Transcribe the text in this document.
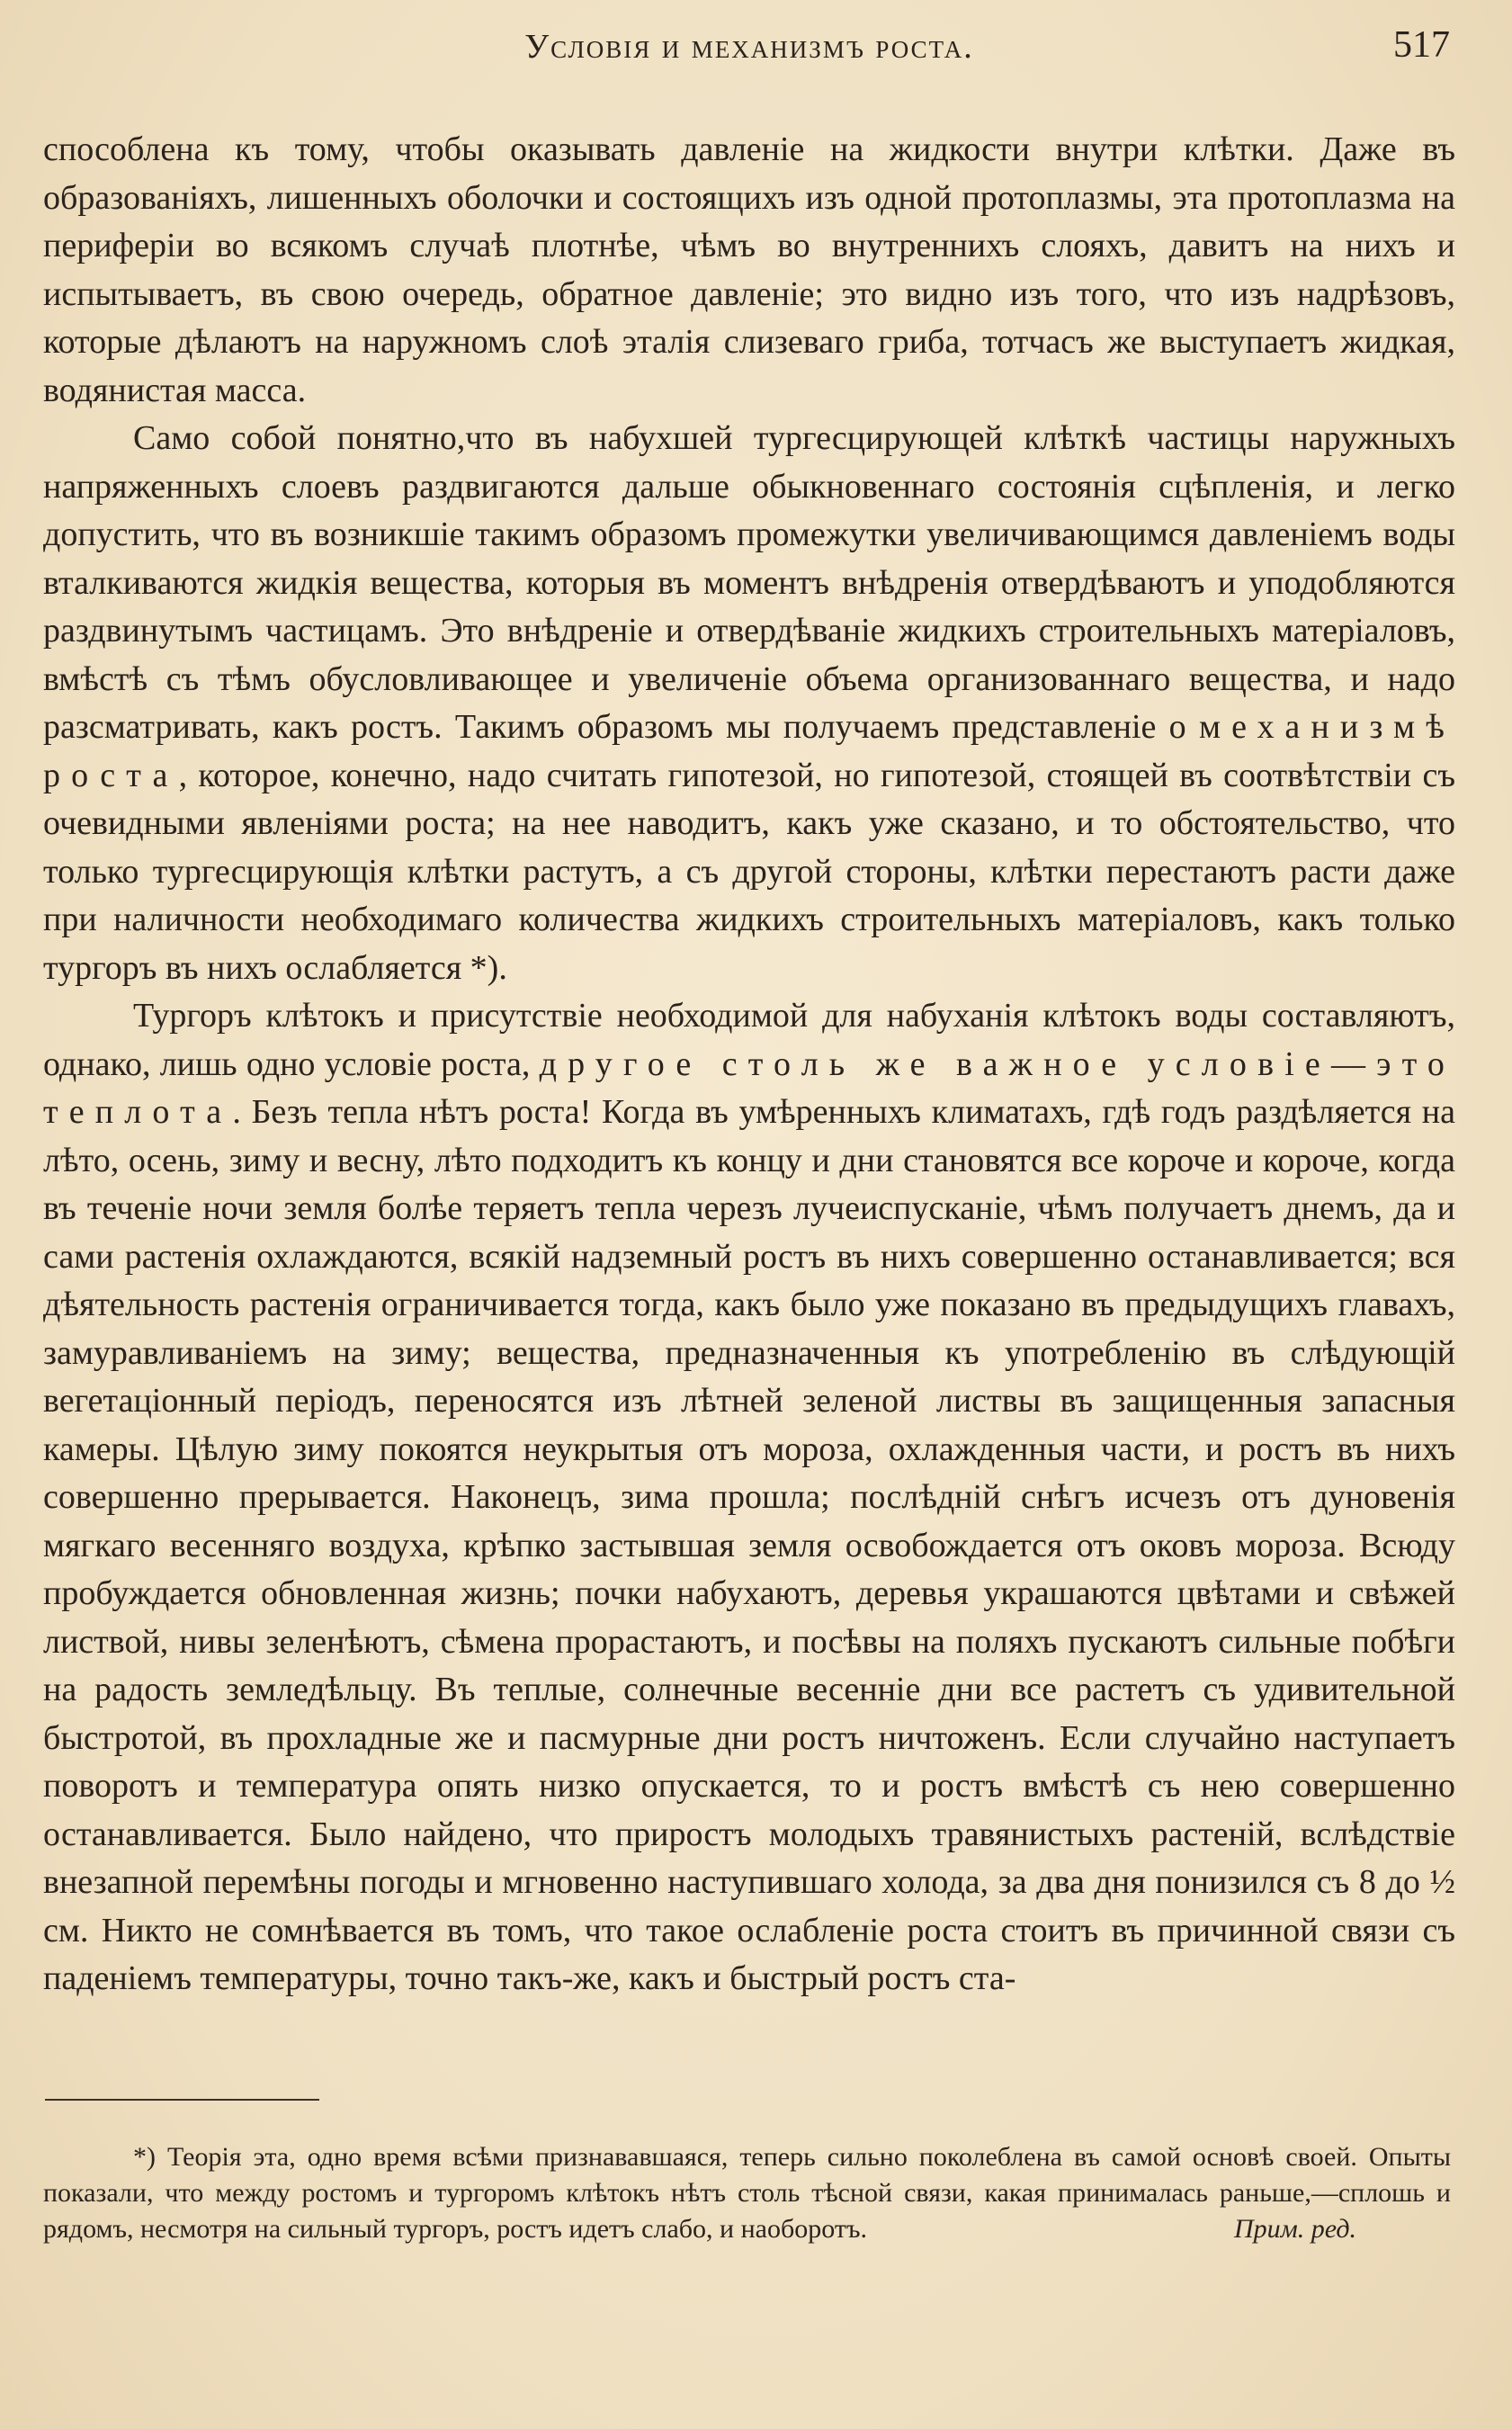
Условія и механизмъ роста.	517

способлена къ тому, чтобы оказывать давленіе на жидкости внутри клѣтки. Даже въ образованіяхъ, лишенныхъ оболочки и состоящихъ изъ одной протоплазмы, эта протоплазма на периферіи во всякомъ случаѣ плотнѣе, чѣмъ во внутреннихъ слояхъ, давитъ на нихъ и испытываетъ, въ свою очередь, обратное давленіе; это видно изъ того, что изъ надрѣзовъ, которые дѣлаютъ на наружномъ слоѣ эталія слизеваго гриба, тотчасъ же выступаетъ жидкая, водянистая масса.

Само собой понятно,что въ набухшей тургесцирующей клѣткѣ частицы наружныхъ напряженныхъ слоевъ раздвигаются дальше обыкновеннаго состоянія сцѣпленія, и легко допустить, что въ возникшіе такимъ образомъ промежутки увеличивающимся давленіемъ воды вталкиваются жидкія вещества, которыя въ моментъ внѣдренія отвердѣваютъ и уподобляются раздвинутымъ частицамъ. Это внѣдреніе и отвердѣваніе жидкихъ строительныхъ матеріаловъ, вмѣстѣ съ тѣмъ обусловливающее и увеличеніе объема организованнаго вещества, и надо разсматривать, какъ ростъ. Такимъ образомъ мы получаемъ представленіе о механизмѣ роста, которое, конечно, надо считать гипотезой, но гипотезой, стоящей въ соотвѣтствіи съ очевидными явленіями роста; на нее наводитъ, какъ уже сказано, и то обстоятельство, что только тургесцирующія клѣтки растутъ, а съ другой стороны, клѣтки перестаютъ расти даже при наличности необходимаго количества жидкихъ строительныхъ матеріаловъ, какъ только тургоръ въ нихъ ослабляется *).

Тургоръ клѣтокъ и присутствіе необходимой для набуханія клѣтокъ воды составляютъ, однако, лишь одно условіе роста, другое столь же важное условіе—это теплота. Безъ тепла нѣтъ роста! Когда въ умѣренныхъ климатахъ, гдѣ годъ раздѣляется на лѣто, осень, зиму и весну, лѣто подходитъ къ концу и дни становятся все короче и короче, когда въ теченіе ночи земля болѣе теряетъ тепла черезъ лучеиспусканіе, чѣмъ получаетъ днемъ, да и сами растенія охлаждаются, всякій надземный ростъ въ нихъ совершенно останавливается; вся дѣятельность растенія ограничивается тогда, какъ было уже показано въ предыдущихъ главахъ, замуравливаніемъ на зиму; вещества, предназначенныя къ употребленію въ слѣдующій вегетаціонный періодъ, переносятся изъ лѣтней зеленой листвы въ защищенныя запасныя камеры. Цѣлую зиму покоятся неукрытыя отъ мороза, охлажденныя части, и ростъ въ нихъ совершенно прерывается. Наконецъ, зима прошла; послѣдній снѣгъ исчезъ отъ дуновенія мягкаго весенняго воздуха, крѣпко застывшая земля освобождается отъ оковъ мороза. Всюду пробуждается обновленная жизнь; почки набухаютъ, деревья украшаются цвѣтами и свѣжей листвой, нивы зеленѣютъ, сѣмена прорастаютъ, и посѣвы на поляхъ пускаютъ сильные побѣги на радость земледѣльцу. Въ теплые, солнечные весенніе дни все растетъ съ удивительной быстротой, въ прохладные же и пасмурные дни ростъ ничтоженъ. Если случайно наступаетъ поворотъ и температура опять низко опускается, то и ростъ вмѣстѣ съ нею совершенно останавливается. Было найдено, что приростъ молодыхъ травянистыхъ растеній, вслѣдствіе внезапной перемѣны погоды и мгновенно наступившаго холода, за два дня понизился съ 8 до ½ см. Никто не сомнѣвается въ томъ, что такое ослабленіе роста стоитъ въ причинной связи съ паденіемъ температуры, точно такъ-же, какъ и быстрый ростъ ста-

*) Теорія эта, одно время всѣми признававшаяся, теперь сильно поколеблена въ самой основѣ своей. Опыты показали, что между ростомъ и тургоромъ клѣтокъ нѣтъ столь тѣсной связи, какая принималась раньше,—сплошь и рядомъ, несмотря на сильный тургоръ, ростъ идетъ слабо, и наоборотъ.	Прим. ред.
